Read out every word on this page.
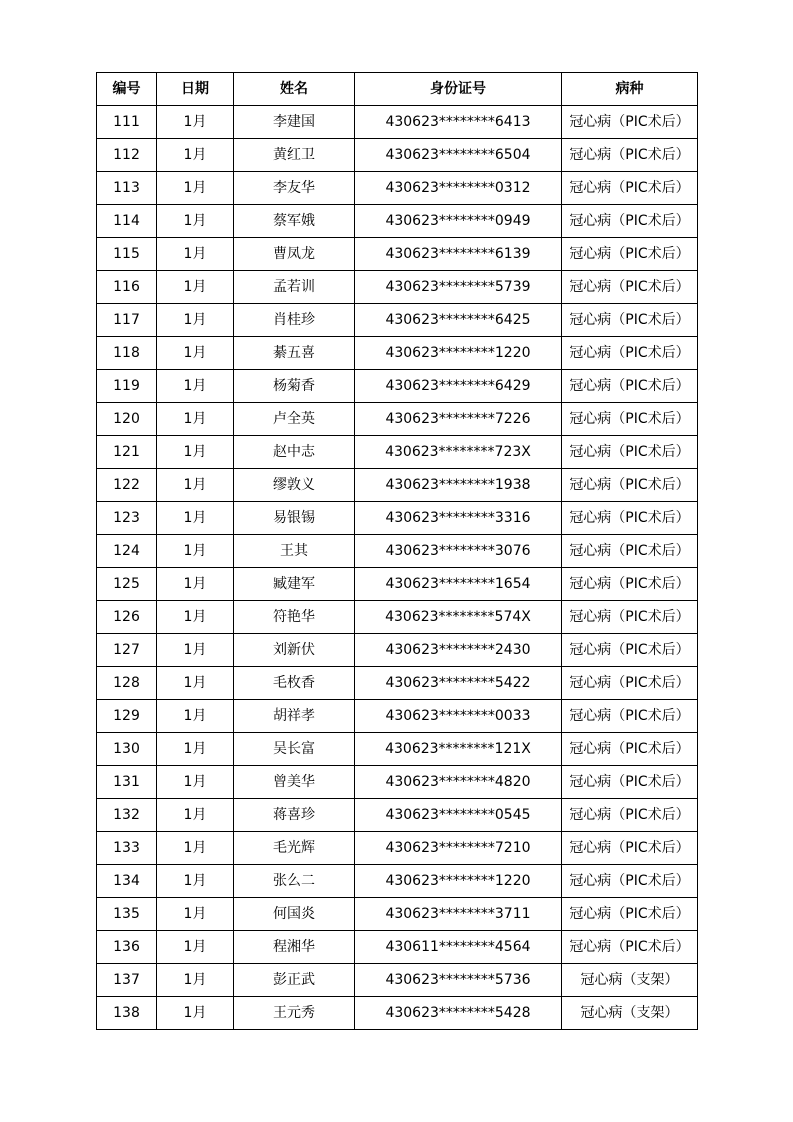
编号	日期	姓名	身份证号	病种
111	1月	李建国	430623********6413	冠心病（PIC术后）
112	1月	黄红卫	430623********6504	冠心病（PIC术后）
113	1月	李友华	430623********0312	冠心病（PIC术后）
114	1月	蔡军娥	430623********0949	冠心病（PIC术后）
115	1月	曹凤龙	430623********6139	冠心病（PIC术后）
116	1月	孟若训	430623********5739	冠心病（PIC术后）
117	1月	肖桂珍	430623********6425	冠心病（PIC术后）
118	1月	綦五喜	430623********1220	冠心病（PIC术后）
119	1月	杨菊香	430623********6429	冠心病（PIC术后）
120	1月	卢全英	430623********7226	冠心病（PIC术后）
121	1月	赵中志	430623********723X	冠心病（PIC术后）
122	1月	缪敦义	430623********1938	冠心病（PIC术后）
123	1月	易银锡	430623********3316	冠心病（PIC术后）
124	1月	王其	430623********3076	冠心病（PIC术后）
125	1月	臧建军	430623********1654	冠心病（PIC术后）
126	1月	符艳华	430623********574X	冠心病（PIC术后）
127	1月	刘新伏	430623********2430	冠心病（PIC术后）
128	1月	毛枚香	430623********5422	冠心病（PIC术后）
129	1月	胡祥孝	430623********0033	冠心病（PIC术后）
130	1月	吴长富	430623********121X	冠心病（PIC术后）
131	1月	曾美华	430623********4820	冠心病（PIC术后）
132	1月	蒋喜珍	430623********0545	冠心病（PIC术后）
133	1月	毛光辉	430623********7210	冠心病（PIC术后）
134	1月	张么二	430623********1220	冠心病（PIC术后）
135	1月	何国炎	430623********3711	冠心病（PIC术后）
136	1月	程湘华	430611********4564	冠心病（PIC术后）
137	1月	彭正武	430623********5736	冠心病（支架）
138	1月	王元秀	430623********5428	冠心病（支架）
